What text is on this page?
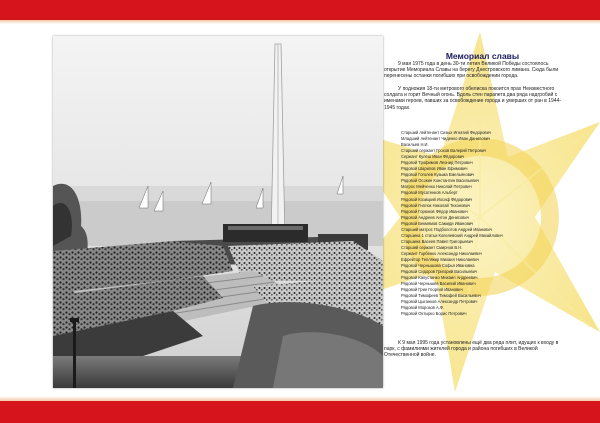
Мемориал славы

9 мая 1975 года в день 30-ти летия Великой Победы состоялось открытие Мемориала Славы на берегу Днестровского лимана. Сюда были перенесены останки погибших при освобождении города.

У подножия 18-ти метрового обелиска покоится прах Неизвестного солдата и горит Вечный огонь. Вдоль стен парапета два ряда надгробий с именами героев, павших за освобождение города и умерших от ран в 1944-1945 годах.

Старший лейтенант Сизых Игнатий Федорович
Младший лейтенант Чиденко Иван Данилович
Васильев Н.И.
Старший сержант Грохов Валерий Петрович
Сержант Кулеш Иван Фёдорович
Рядовой Трофимов Леонид Петрович
Рядовой Шарипов Иван Ефимович
Рядовой Гоголев Кузьма Емельянович
Рядовой Осокин Константин Васильевич
Матрос Мейченко Николай Петрович
Рядовой Мусатенков Альберт
Рядовой Козицкий Иосиф Фёдорович
Рядовой Гнатюк Николай Тихонович
Рядовой Горюнов Фёдор Иванович
Рядовой Андреев Антон Денисович
Рядовой Бекмямов Самиди Иванович
Старший матрос Подболотов Андрей Иванович
Старшина 1 статьи Копелевский Андрей Михайлович
Старшина Васеев Павел Григорьевич
Старший сержант Смирнов В.Н.
Сержант Горбенко Александр Николаевич
Ефрейтор Теплякир Михаил Николаевич
Рядовой Чернышова Софья Ивановна
Рядовой Сидоров Григорий Васильевич
Рядовой Капустинко Михаил Андреевич
Рядовой Чернышёв Василий Иванович
Рядовой Грин Георгий Иванович
Рядовой Тимофеев Тимофей Васильевич
Рядовой Цыганков Александр Петрович
Рядовой Морозов А.Ф.
Рядовой Октырко Борис Петрович

К 9 мая 1995 года установлены ещё два ряда плит, идущих к входу в парк, с фамилиями жителей города и района погибших в Великой Отечественной войне.
